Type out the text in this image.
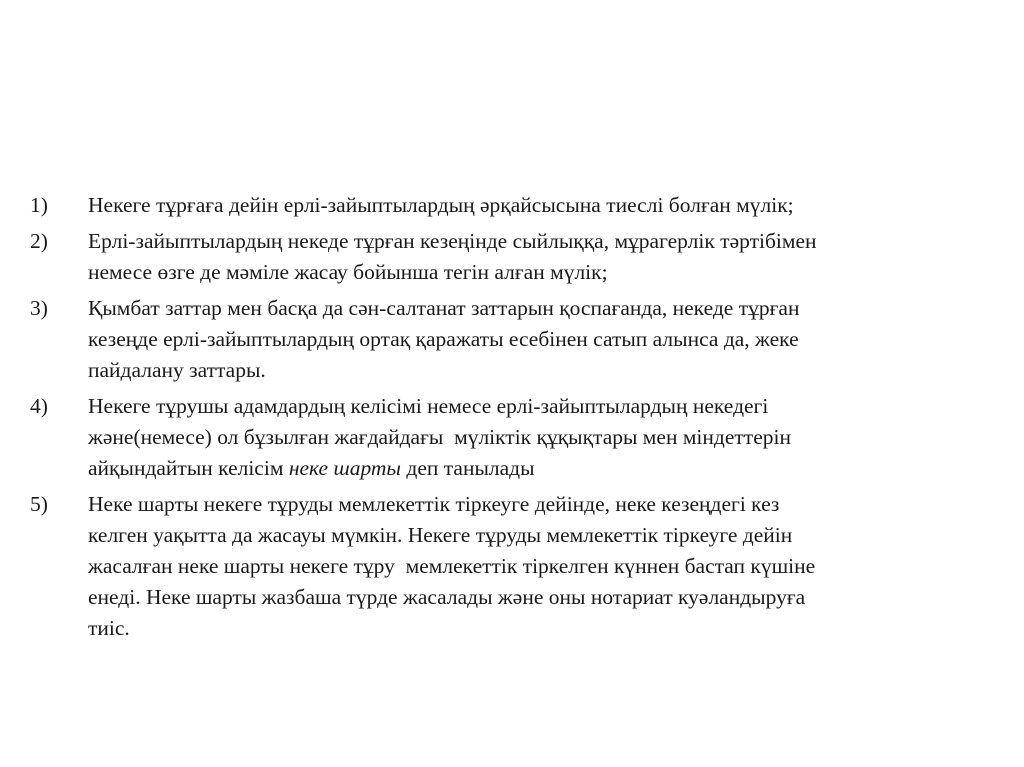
1)	Некеге тұрғаға дейін ерлі-зайыптылардың әрқайсысына тиеслі болған мүлік;
2)	Ерлі-зайыптылардың некеде тұрған кезеңінде сыйлыққа, мұрагерлік тәртібімен
немесе өзге де мәміле жасау бойынша тегін алған мүлік;
3)	Қымбат заттар мен басқа да сән-салтанат заттарын қоспағанда, некеде тұрған
кезеңде ерлі-зайыптылардың ортақ қаражаты есебінен сатып алынса да, жеке
пайдалану заттары.
4)	Некеге тұрушы адамдардың келісімі немесе ерлі-зайыптылардың некедегі
және(немесе) ол бұзылған жағдайдағы  мүліктік құқықтары мен міндеттерін
айқындайтын келісім неке шарты деп танылады
5)	Неке шарты некеге тұруды мемлекеттік тіркеуге дейінде, неке кезеңдегі кез
келген уақытта да жасауы мүмкін. Некеге тұруды мемлекеттік тіркеуге дейін
жасалған неке шарты некеге тұру  мемлекеттік тіркелген күннен бастап күшіне
енеді. Неке шарты жазбаша түрде жасалады және оны нотариат куәландыруға
тиіс.
